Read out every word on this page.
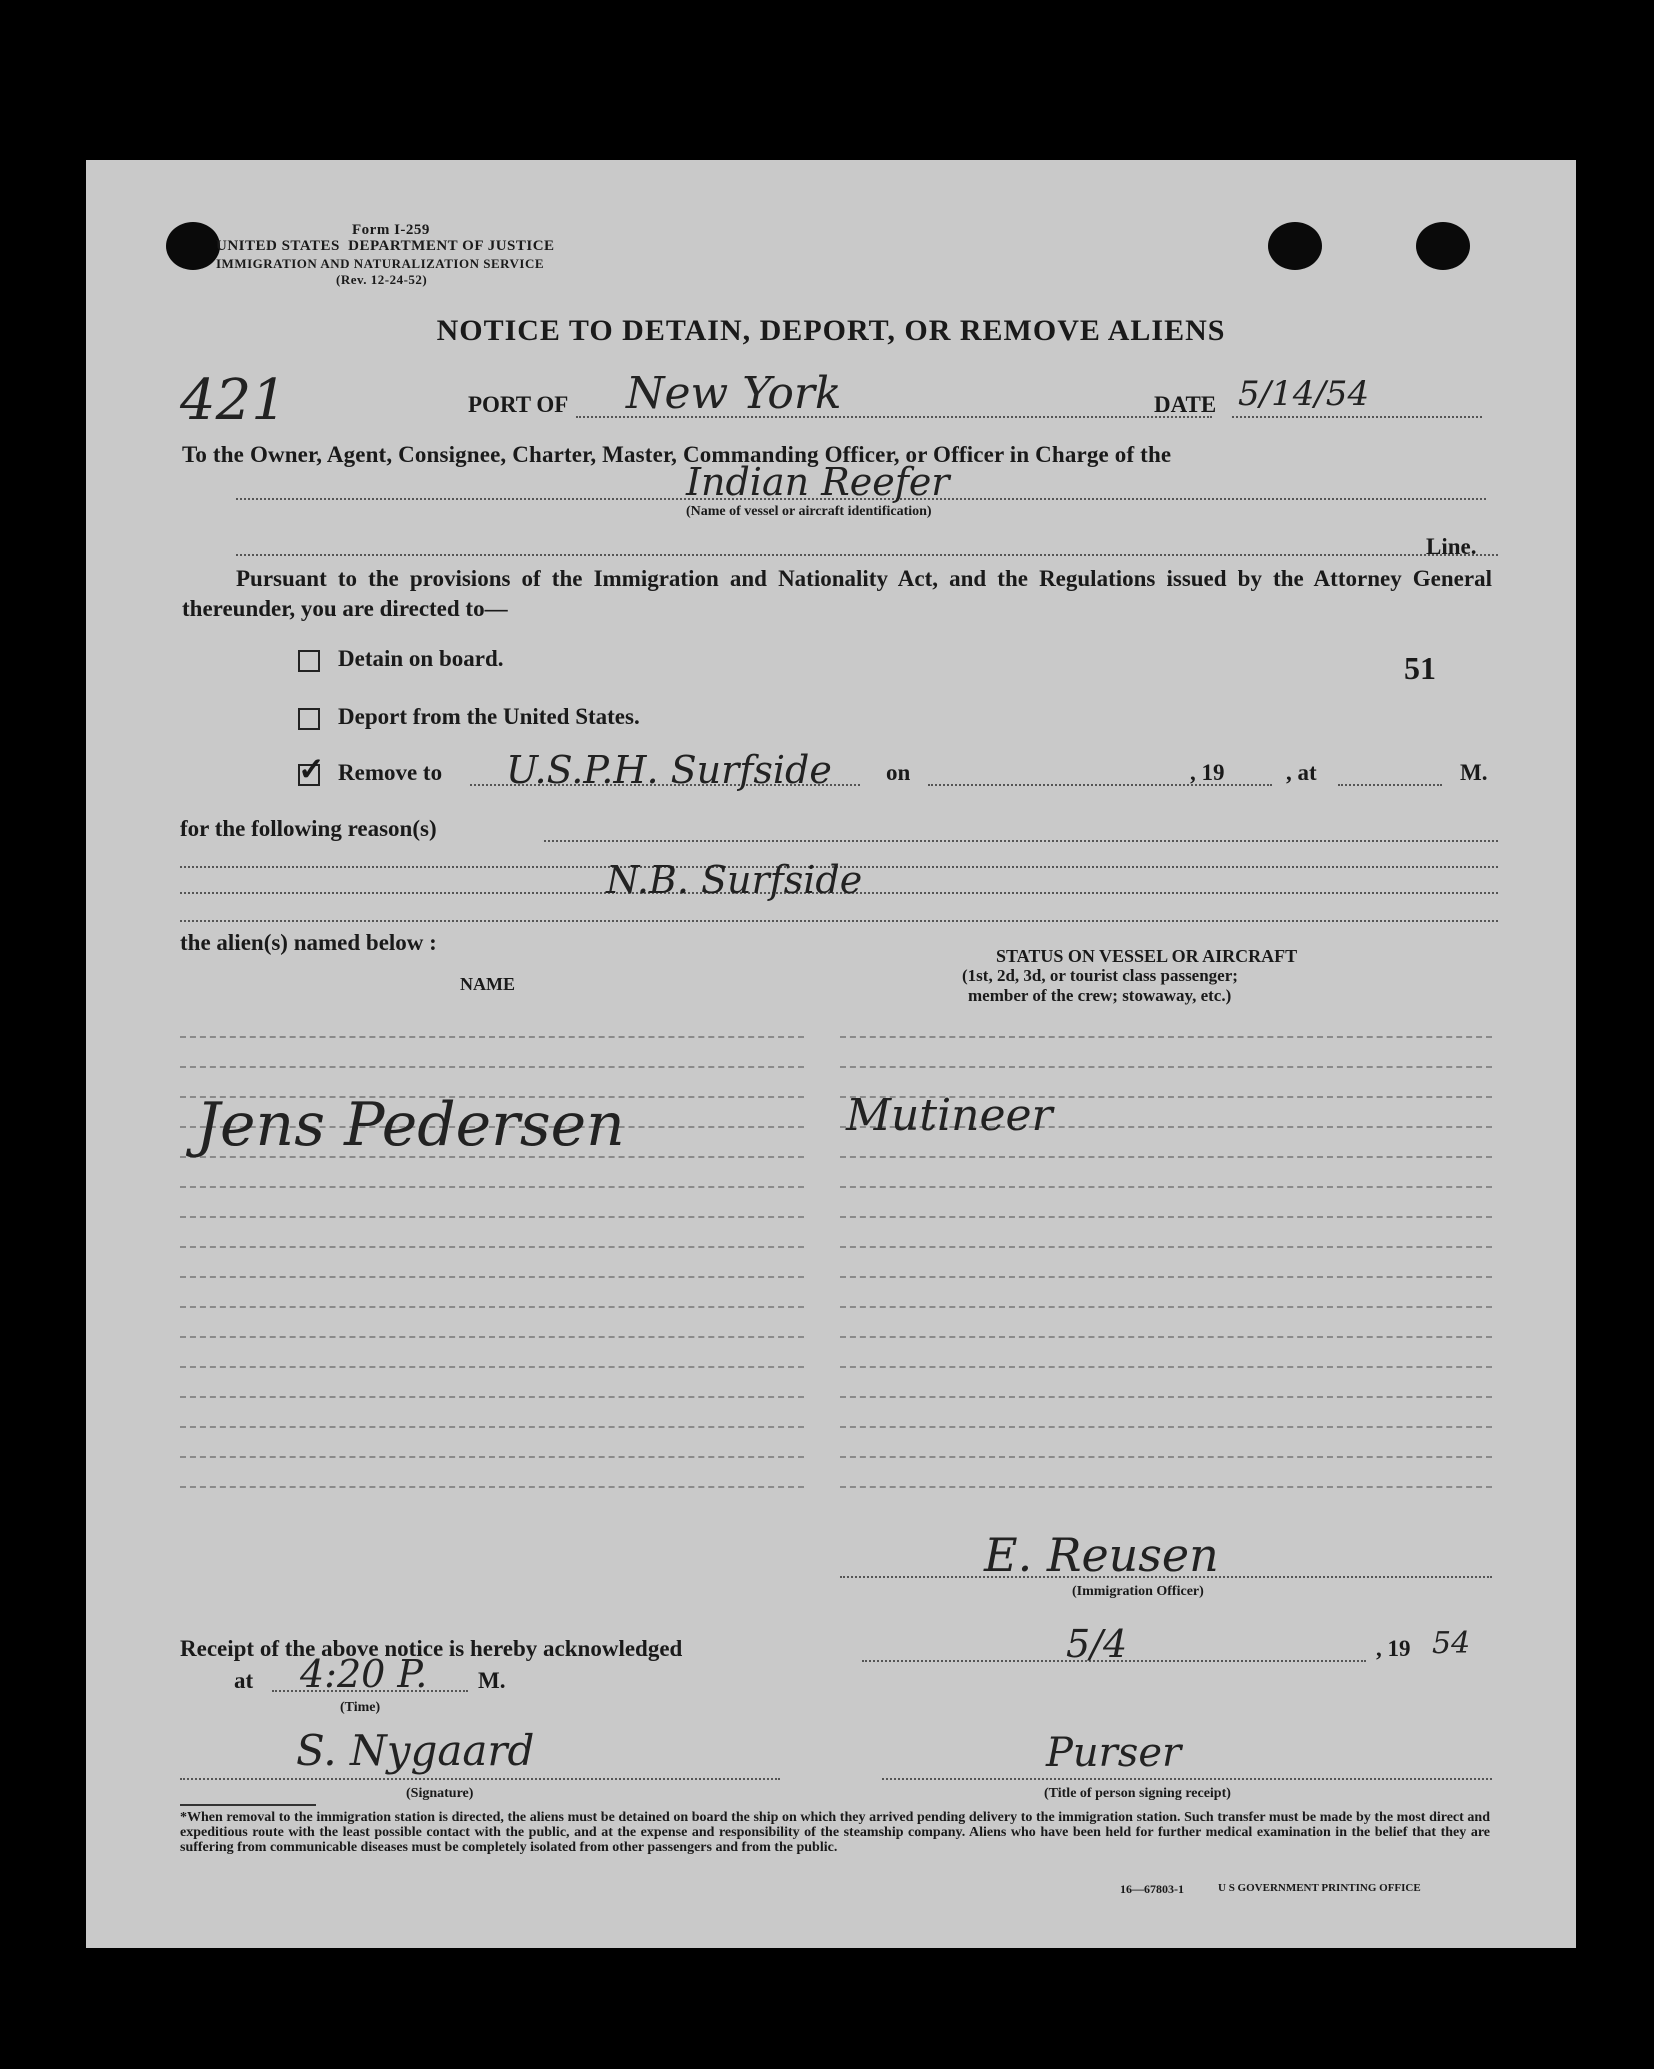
Form I-259
UNITED STATES DEPARTMENT OF JUSTICE
IMMIGRATION AND NATURALIZATION SERVICE
(Rev. 12-24-52)
NOTICE TO DETAIN, DEPORT, OR REMOVE ALIENS
421	PORT OF New York	DATE 5/14/54
To the Owner, Agent, Consignee, Charter, Master, Commanding Officer, or Officer in Charge of the
Indian Reefer
(Name of vessel or aircraft identification)
Line.
Pursuant to the provisions of the Immigration and Nationality Act, and the Regulations issued by the Attorney General thereunder, you are directed to—
51
Detain on board.
Deport from the United States.
✓ Remove to U.S.P.H. Surfside on	, 19	, at	M.
for the following reason(s)
N.B. Surfside
the alien(s) named below :
NAME
STATUS ON VESSEL OR AIRCRAFT
(1st, 2d, 3d, or tourist class passenger;
member of the crew; stowaway, etc.)
Jens Pedersen	Mutineer
E. Reusen
(Immigration Officer)
Receipt of the above notice is hereby acknowledged	5/4	, 19 54
at 4:20 P. M.
(Time)
S. Nygaard
(Signature)
Purser
(Title of person signing receipt)
*When removal to the immigration station is directed, the aliens must be detained on board the ship on which they arrived pending delivery to the immigration station. Such transfer must be made by the most direct and expeditious route with the least possible contact with the public, and at the expense and responsibility of the steamship company. Aliens who have been held for further medical examination in the belief that they are suffering from communicable diseases must be completely isolated from other passengers and from the public.
16—67803-1	U S GOVERNMENT PRINTING OFFICE
